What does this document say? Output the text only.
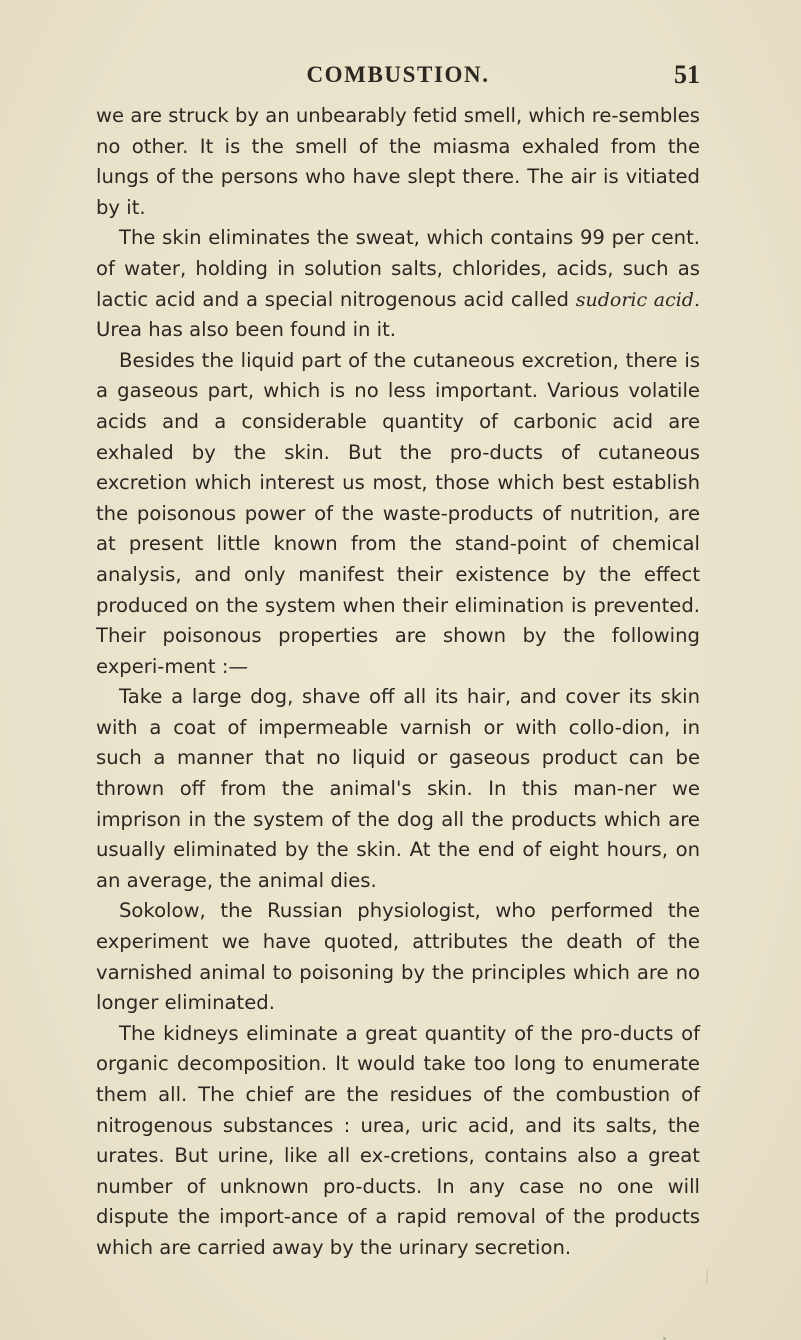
COMBUSTION.	51

we are struck by an unbearably fetid smell, which re-sembles no other. It is the smell of the miasma exhaled from the lungs of the persons who have slept there. The air is vitiated by it.

The skin eliminates the sweat, which contains 99 per cent. of water, holding in solution salts, chlorides, acids, such as lactic acid and a special nitrogenous acid called sudoric acid. Urea has also been found in it.

Besides the liquid part of the cutaneous excretion, there is a gaseous part, which is no less important. Various volatile acids and a considerable quantity of carbonic acid are exhaled by the skin. But the pro-ducts of cutaneous excretion which interest us most, those which best establish the poisonous power of the waste-products of nutrition, are at present little known from the stand-point of chemical analysis, and only manifest their existence by the effect produced on the system when their elimination is prevented. Their poisonous properties are shown by the following experi-ment :—

Take a large dog, shave off all its hair, and cover its skin with a coat of impermeable varnish or with collo-dion, in such a manner that no liquid or gaseous product can be thrown off from the animal's skin. In this man-ner we imprison in the system of the dog all the products which are usually eliminated by the skin. At the end of eight hours, on an average, the animal dies.

Sokolow, the Russian physiologist, who performed the experiment we have quoted, attributes the death of the varnished animal to poisoning by the principles which are no longer eliminated.

The kidneys eliminate a great quantity of the pro-ducts of organic decomposition. It would take too long to enumerate them all. The chief are the residues of the combustion of nitrogenous substances : urea, uric acid, and its salts, the urates. But urine, like all ex-cretions, contains also a great number of unknown pro-ducts. In any case no one will dispute the import-ance of a rapid removal of the products which are carried away by the urinary secretion.
